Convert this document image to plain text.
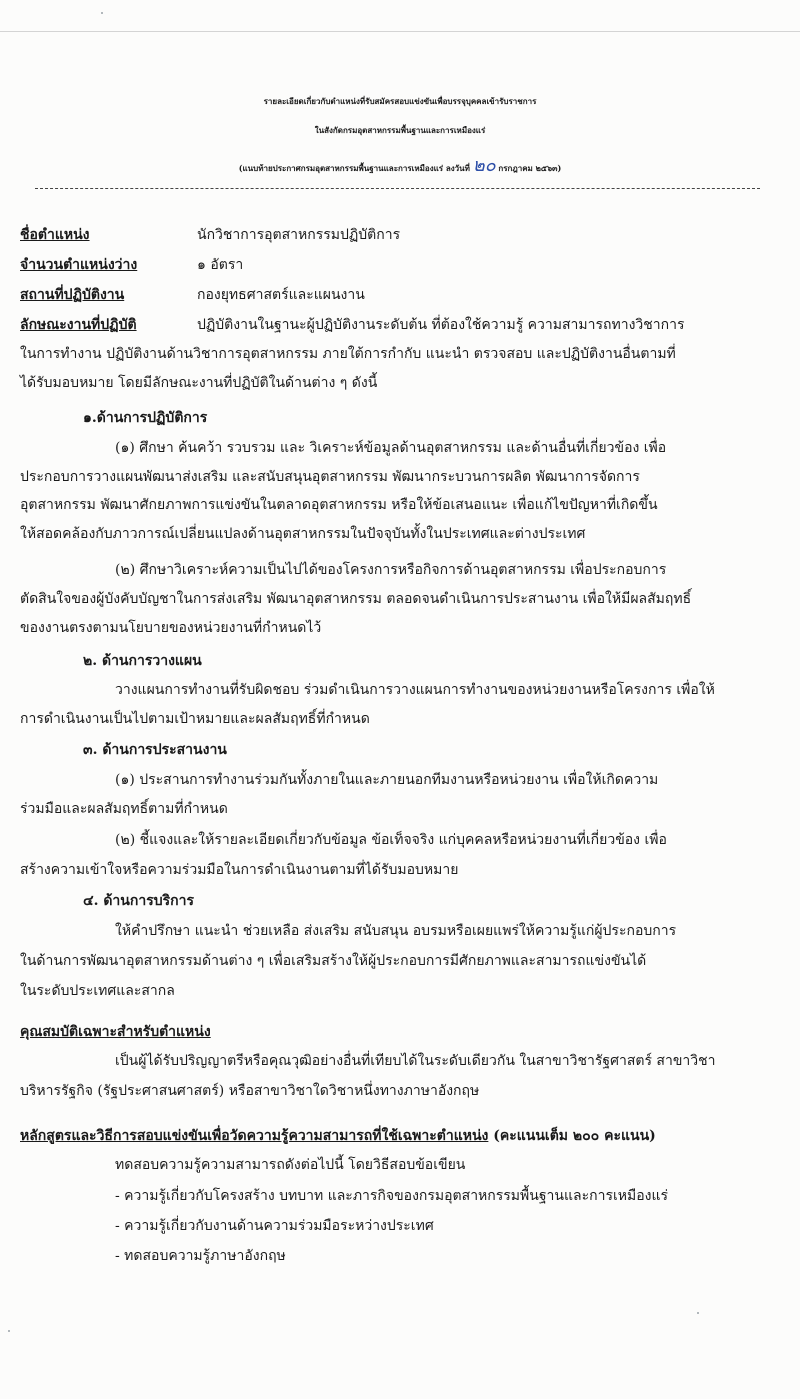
รายละเอียดเกี่ยวกับตำแหน่งที่รับสมัครสอบแข่งขันเพื่อบรรจุบุคคลเข้ารับราชการ
ในสังกัดกรมอุตสาหกรรมพื้นฐานและการเหมืองแร่
(แนบท้ายประกาศกรมอุตสาหกรรมพื้นฐานและการเหมืองแร่ ลงวันที่ ๒๐ กรกฎาคม ๒๕๖๓)
ชื่อตำแหน่ง	นักวิชาการอุตสาหกรรมปฏิบัติการ
จำนวนตำแหน่งว่าง	๑ อัตรา
สถานที่ปฏิบัติงาน	กองยุทธศาสตร์และแผนงาน
ลักษณะงานที่ปฏิบัติ	ปฏิบัติงานในฐานะผู้ปฏิบัติงานระดับต้น ที่ต้องใช้ความรู้ ความสามารถทางวิชาการ
ในการทำงาน ปฏิบัติงานด้านวิชาการอุตสาหกรรม ภายใต้การกำกับ แนะนำ ตรวจสอบ และปฏิบัติงานอื่นตามที่
ได้รับมอบหมาย โดยมีลักษณะงานที่ปฏิบัติในด้านต่าง ๆ ดังนี้
๑.ด้านการปฏิบัติการ
(๑) ศึกษา ค้นคว้า รวบรวม และ วิเคราะห์ข้อมูลด้านอุตสาหกรรม และด้านอื่นที่เกี่ยวข้อง เพื่อ
ประกอบการวางแผนพัฒนาส่งเสริม และสนับสนุนอุตสาหกรรม พัฒนากระบวนการผลิต พัฒนาการจัดการ
อุตสาหกรรม พัฒนาศักยภาพการแข่งขันในตลาดอุตสาหกรรม หรือให้ข้อเสนอแนะ เพื่อแก้ไขปัญหาที่เกิดขึ้น
ให้สอดคล้องกับภาวการณ์เปลี่ยนแปลงด้านอุตสาหกรรมในปัจจุบันทั้งในประเทศและต่างประเทศ
(๒) ศึกษาวิเคราะห์ความเป็นไปได้ของโครงการหรือกิจการด้านอุตสาหกรรม เพื่อประกอบการ
ตัดสินใจของผู้บังคับบัญชาในการส่งเสริม พัฒนาอุตสาหกรรม ตลอดจนดำเนินการประสานงาน เพื่อให้มีผลสัมฤทธิ์
ของงานตรงตามนโยบายของหน่วยงานที่กำหนดไว้
๒. ด้านการวางแผน
วางแผนการทำงานที่รับผิดชอบ ร่วมดำเนินการวางแผนการทำงานของหน่วยงานหรือโครงการ เพื่อให้
การดำเนินงานเป็นไปตามเป้าหมายและผลสัมฤทธิ์ที่กำหนด
๓. ด้านการประสานงาน
(๑) ประสานการทำงานร่วมกันทั้งภายในและภายนอกทีมงานหรือหน่วยงาน เพื่อให้เกิดความ
ร่วมมือและผลสัมฤทธิ์ตามที่กำหนด
(๒) ชี้แจงและให้รายละเอียดเกี่ยวกับข้อมูล ข้อเท็จจริง แก่บุคคลหรือหน่วยงานที่เกี่ยวข้อง เพื่อ
สร้างความเข้าใจหรือความร่วมมือในการดำเนินงานตามที่ได้รับมอบหมาย
๔. ด้านการบริการ
ให้คำปรึกษา แนะนำ ช่วยเหลือ ส่งเสริม สนับสนุน อบรมหรือเผยแพร่ให้ความรู้แก่ผู้ประกอบการ
ในด้านการพัฒนาอุตสาหกรรมด้านต่าง ๆ เพื่อเสริมสร้างให้ผู้ประกอบการมีศักยภาพและสามารถแข่งขันได้
ในระดับประเทศและสากล
คุณสมบัติเฉพาะสำหรับตำแหน่ง
เป็นผู้ได้รับปริญญาตรีหรือคุณวุฒิอย่างอื่นที่เทียบได้ในระดับเดียวกัน ในสาขาวิชารัฐศาสตร์ สาขาวิชา
บริหารรัฐกิจ (รัฐประศาสนศาสตร์) หรือสาขาวิชาใดวิชาหนึ่งทางภาษาอังกฤษ
หลักสูตรและวิธีการสอบแข่งขันเพื่อวัดความรู้ความสามารถที่ใช้เฉพาะตำแหน่ง (คะแนนเต็ม ๒๐๐ คะแนน)
ทดสอบความรู้ความสามารถดังต่อไปนี้ โดยวิธีสอบข้อเขียน
- ความรู้เกี่ยวกับโครงสร้าง บทบาท และภารกิจของกรมอุตสาหกรรมพื้นฐานและการเหมืองแร่
- ความรู้เกี่ยวกับงานด้านความร่วมมือระหว่างประเทศ
- ทดสอบความรู้ภาษาอังกฤษ
